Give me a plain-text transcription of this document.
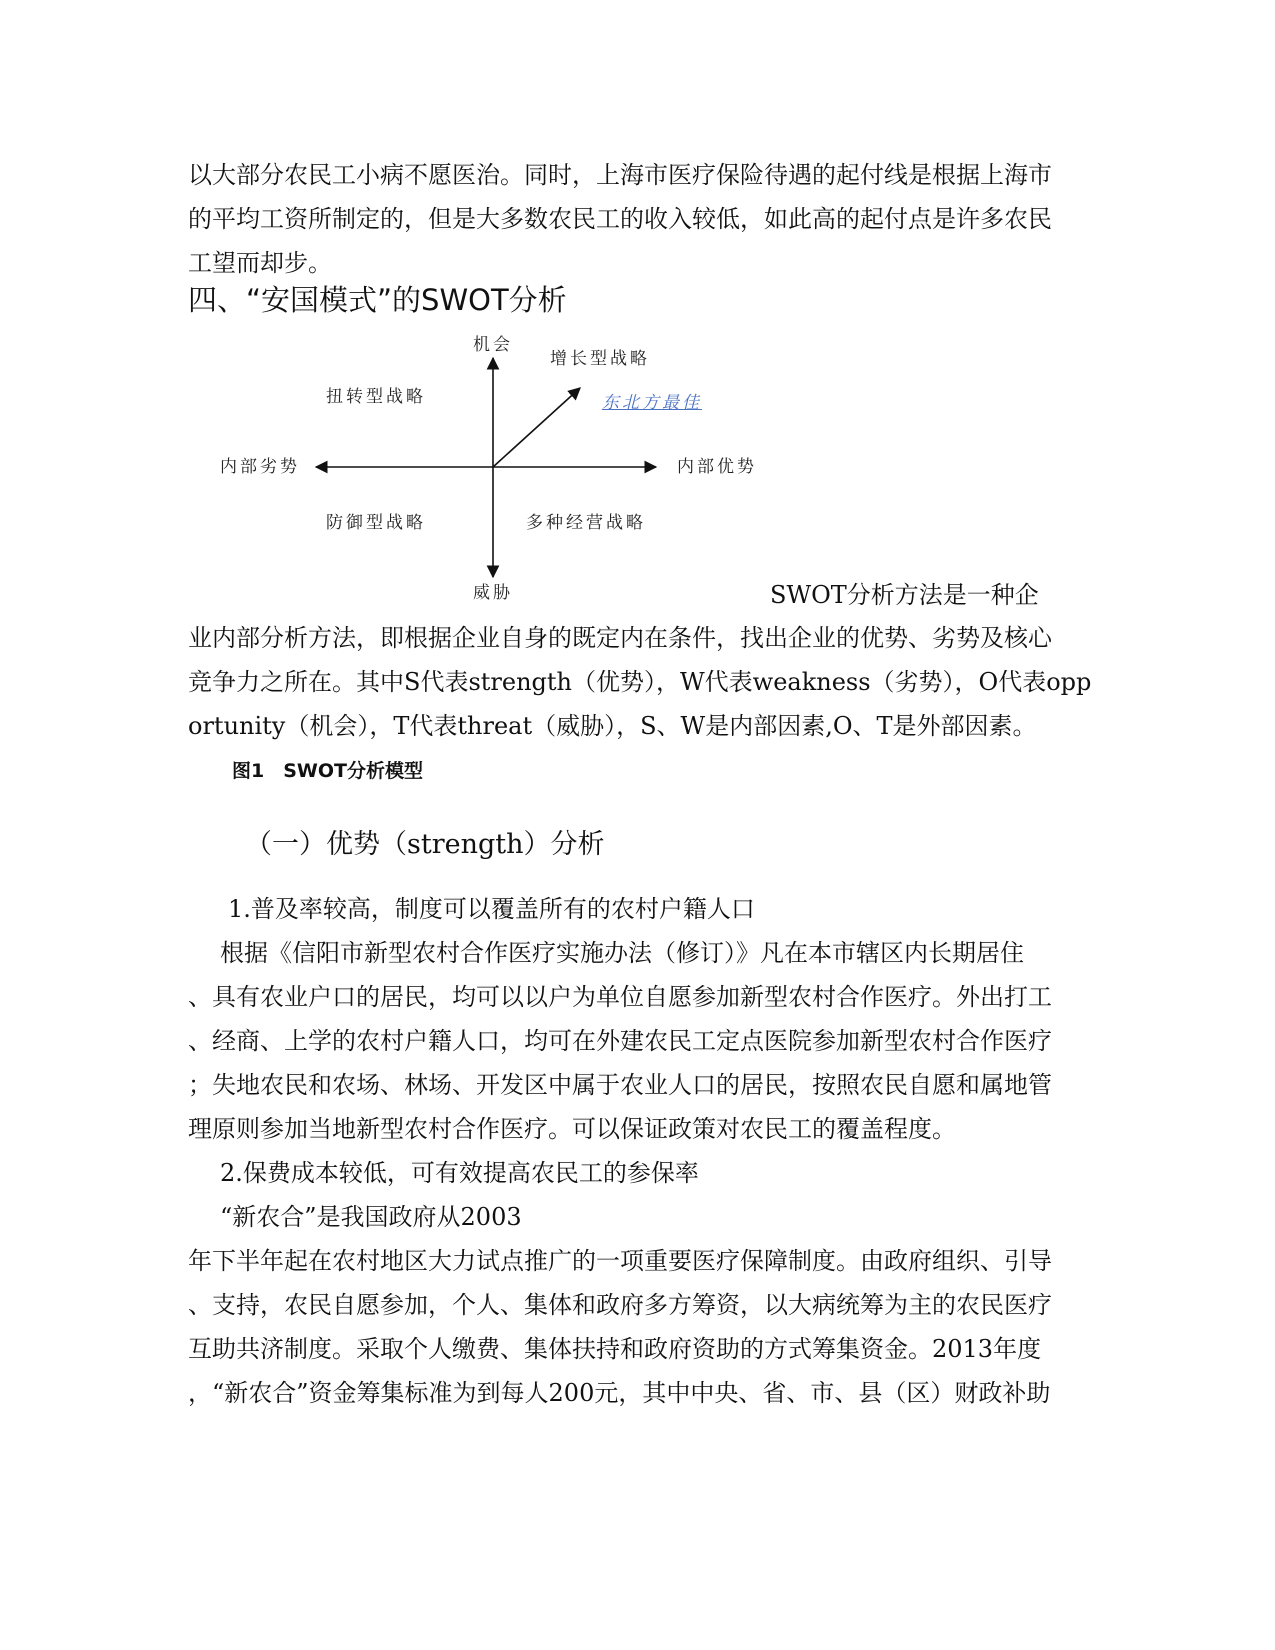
以大部分农民工小病不愿医治。同时，上海市医疗保险待遇的起付线是根据上海市
的平均工资所制定的，但是大多数农民工的收入较低，如此高的起付点是许多农民
工望而却步。
四、“安国模式”的SWOT分析
机会
增长型战略
扭转型战略	东北方最佳
内部劣势	内部优势
防御型战略	多种经营战略
威胁	SWOT分析方法是一种企
业内部分析方法，即根据企业自身的既定内在条件，找出企业的优势、劣势及核心
竞争力之所在。其中S代表strength（优势），W代表weakness（劣势），O代表opp
ortunity（机会），T代表threat（威胁），S、W是内部因素,O、T是外部因素。
图1　SWOT分析模型
（一）优势（strength）分析
1.普及率较高，制度可以覆盖所有的农村户籍人口
根据《信阳市新型农村合作医疗实施办法（修订）》凡在本市辖区内长期居住
、具有农业户口的居民，均可以以户为单位自愿参加新型农村合作医疗。外出打工
、经商、上学的农村户籍人口，均可在外建农民工定点医院参加新型农村合作医疗
；失地农民和农场、林场、开发区中属于农业人口的居民，按照农民自愿和属地管
理原则参加当地新型农村合作医疗。可以保证政策对农民工的覆盖程度。
2.保费成本较低，可有效提高农民工的参保率
“新农合”是我国政府从2003
年下半年起在农村地区大力试点推广的一项重要医疗保障制度。由政府组织、引导
、支持，农民自愿参加，个人、集体和政府多方筹资，以大病统筹为主的农民医疗
互助共济制度。采取个人缴费、集体扶持和政府资助的方式筹集资金。2013年度
，“新农合”资金筹集标准为到每人200元，其中中央、省、市、县（区）财政补助
